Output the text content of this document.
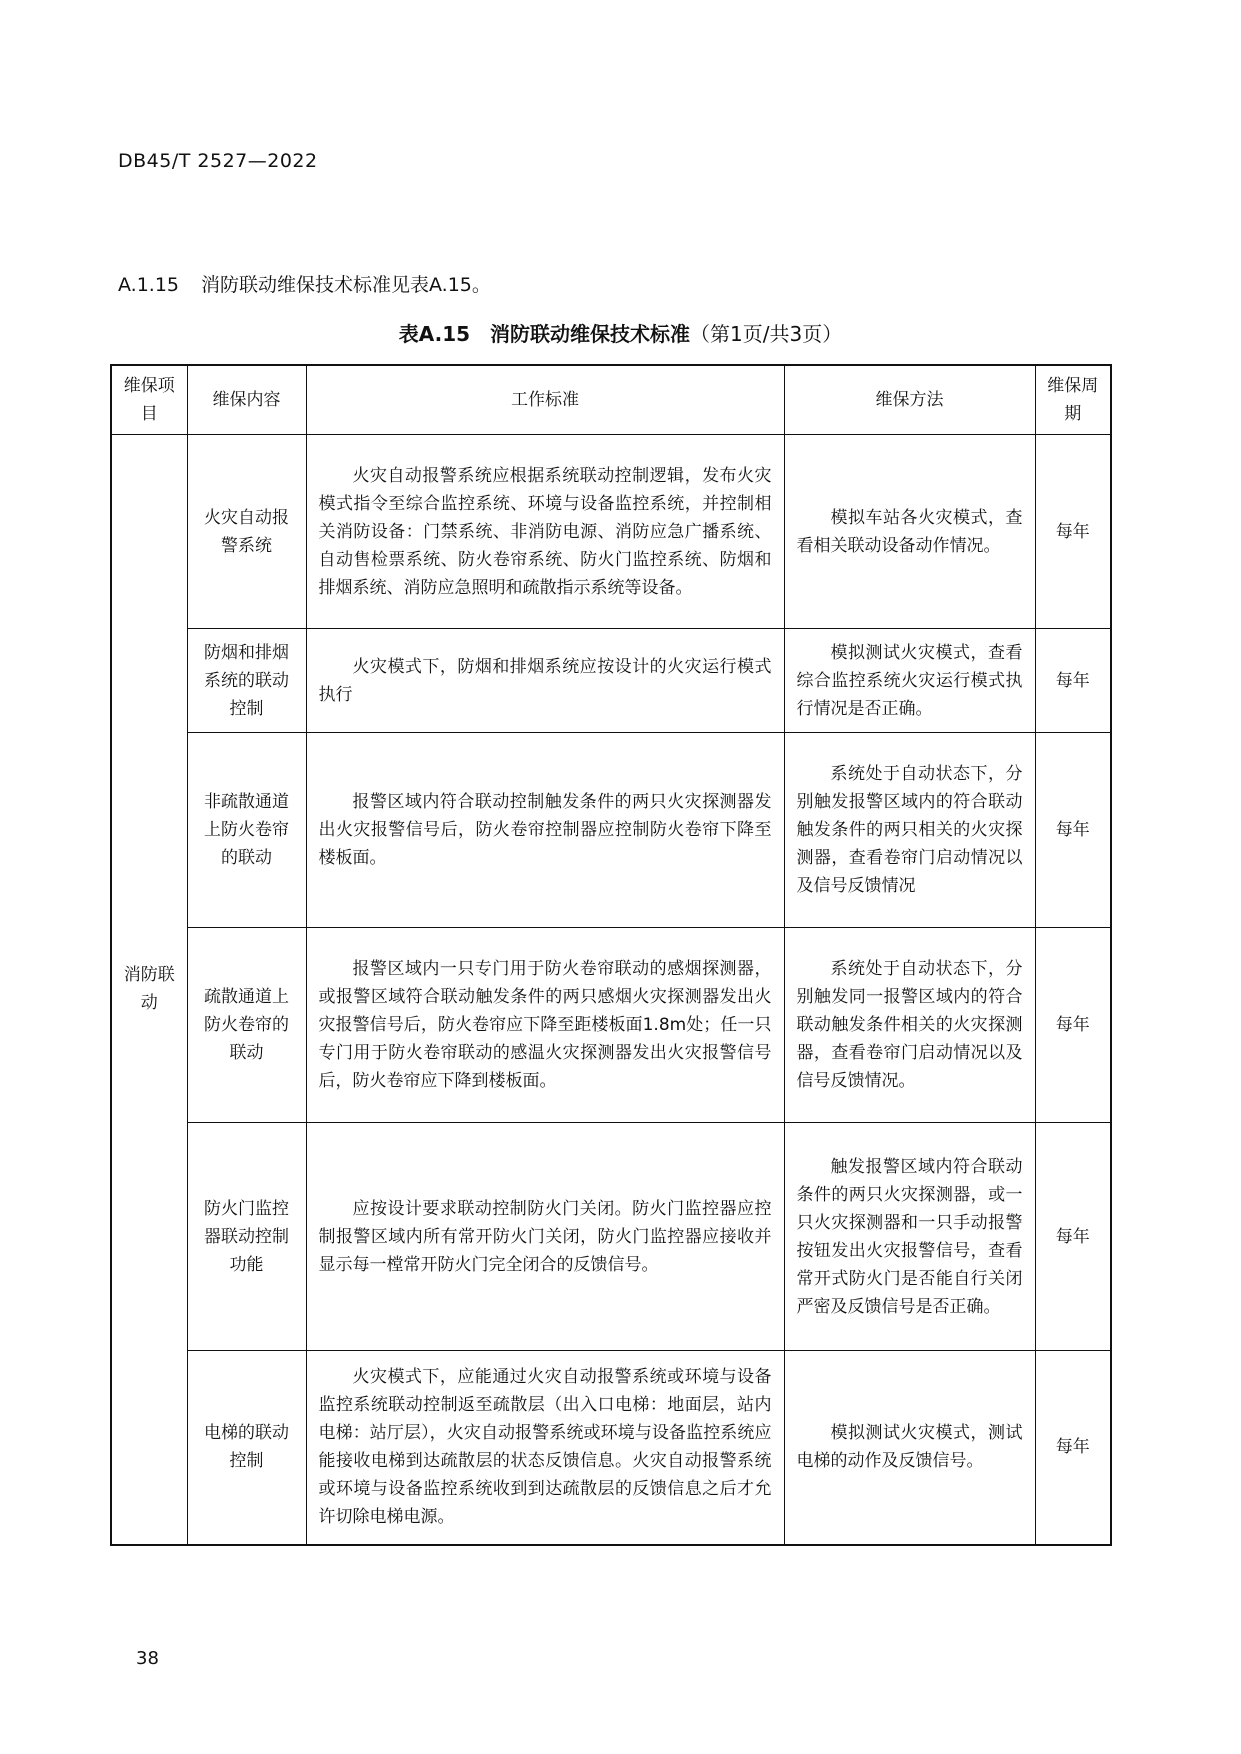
DB45/T 2527—2022
A.1.15 消防联动维保技术标准见表A.15。
表A.15 消防联动维保技术标准（第1页/共3页）
维保项目	维保内容	工作标准	维保方法	维保周期
消防联动	火灾自动报警系统	火灾自动报警系统应根据系统联动控制逻辑，发布火灾模式指令至综合监控系统、环境与设备监控系统，并控制相关消防设备：门禁系统、非消防电源、消防应急广播系统、自动售检票系统、防火卷帘系统、防火门监控系统、防烟和排烟系统、消防应急照明和疏散指示系统等设备。	模拟车站各火灾模式，查看相关联动设备动作情况。	每年
	防烟和排烟系统的联动控制	火灾模式下，防烟和排烟系统应按设计的火灾运行模式执行	模拟测试火灾模式，查看综合监控系统火灾运行模式执行情况是否正确。	每年
	非疏散通道上防火卷帘的联动	报警区域内符合联动控制触发条件的两只火灾探测器发出火灾报警信号后，防火卷帘控制器应控制防火卷帘下降至楼板面。	系统处于自动状态下，分别触发报警区域内的符合联动触发条件的两只相关的火灾探测器，查看卷帘门启动情况以及信号反馈情况	每年
	疏散通道上防火卷帘的联动	报警区域内一只专门用于防火卷帘联动的感烟探测器，或报警区域符合联动触发条件的两只感烟火灾探测器发出火灾报警信号后，防火卷帘应下降至距楼板面1.8m处；任一只专门用于防火卷帘联动的感温火灾探测器发出火灾报警信号后，防火卷帘应下降到楼板面。	系统处于自动状态下，分别触发同一报警区域内的符合联动触发条件相关的火灾探测器，查看卷帘门启动情况以及信号反馈情况。	每年
	防火门监控器联动控制功能	应按设计要求联动控制防火门关闭。防火门监控器应控制报警区域内所有常开防火门关闭，防火门监控器应接收并显示每一樘常开防火门完全闭合的反馈信号。	触发报警区域内符合联动条件的两只火灾探测器，或一只火灾探测器和一只手动报警按钮发出火灾报警信号，查看常开式防火门是否能自行关闭严密及反馈信号是否正确。	每年
	电梯的联动控制	火灾模式下，应能通过火灾自动报警系统或环境与设备监控系统联动控制返至疏散层（出入口电梯：地面层，站内电梯：站厅层），火灾自动报警系统或环境与设备监控系统应能接收电梯到达疏散层的状态反馈信息。火灾自动报警系统或环境与设备监控系统收到到达疏散层的反馈信息之后才允许切除电梯电源。	模拟测试火灾模式，测试电梯的动作及反馈信号。	每年
38
